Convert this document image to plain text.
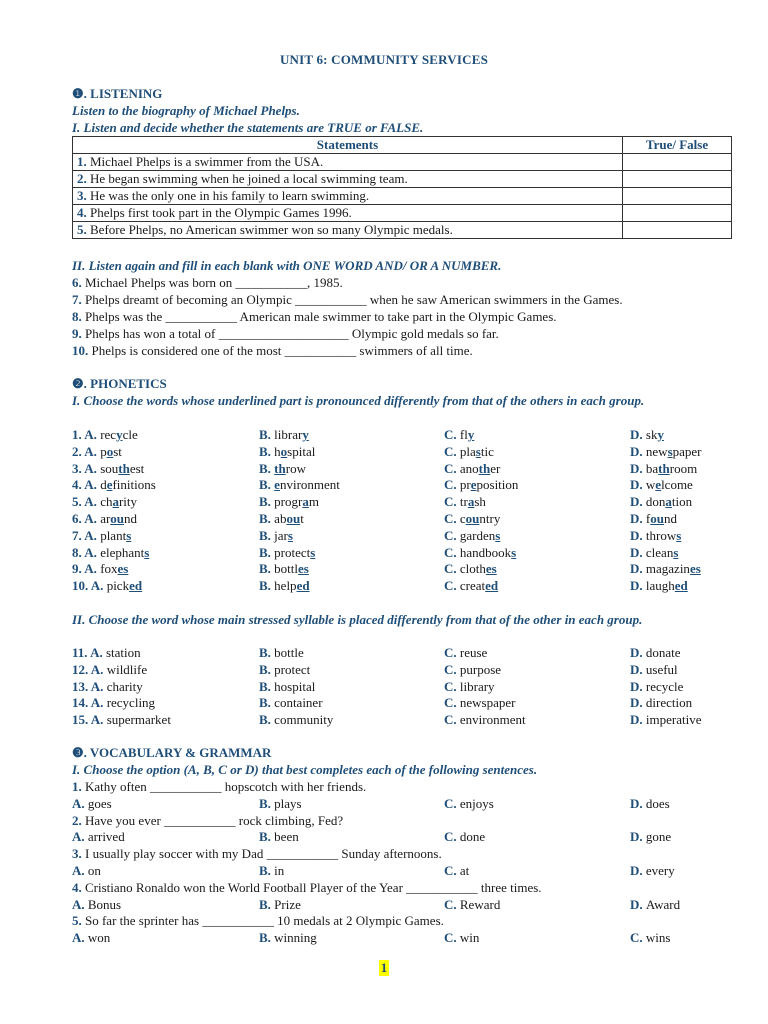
UNIT 6: COMMUNITY SERVICES
❶. LISTENING
Listen to the biography of Michael Phelps.
I. Listen and decide whether the statements are TRUE or FALSE.
Statements	True/ False
1. Michael Phelps is a swimmer from the USA.	
2. He began swimming when he joined a local swimming team.	
3. He was the only one in his family to learn swimming.	
4. Phelps first took part in the Olympic Games 1996.	
5. Before Phelps, no American swimmer won so many Olympic medals.	
II. Listen again and fill in each blank with ONE WORD AND/ OR A NUMBER.
6. Michael Phelps was born on ___________, 1985.
7. Phelps dreamt of becoming an Olympic ___________ when he saw American swimmers in the Games.
8. Phelps was the ___________ American male swimmer to take part in the Olympic Games.
9. Phelps has won a total of ____________________ Olympic gold medals so far.
10. Phelps is considered one of the most ___________ swimmers of all time.
❷. PHONETICS
I. Choose the words whose underlined part is pronounced differently from that of the others in each group.
1. A. recycle	B. library	C. fly	D. sky
2. A. post	B. hospital	C. plastic	D. newspaper
3. A. southest	B. throw	C. another	D. bathroom
4. A. definitions	B. environment	C. preposition	D. welcome
5. A. charity	B. program	C. trash	D. donation
6. A. around	B. about	C. country	D. found
7. A. plants	B. jars	C. gardens	D. throws
8. A. elephants	B. protects	C. handbooks	D. cleans
9. A. foxes	B. bottles	C. clothes	D. magazines
10. A. picked	B. helped	C. created	D. laughed
II. Choose the word whose main stressed syllable is placed differently from that of the other in each group.
11. A. station	B. bottle	C. reuse	D. donate
12. A. wildlife	B. protect	C. purpose	D. useful
13. A. charity	B. hospital	C. library	D. recycle
14. A. recycling	B. container	C. newspaper	D. direction
15. A. supermarket	B. community	C. environment	D. imperative
❸. VOCABULARY & GRAMMAR
I. Choose the option (A, B, C or D) that best completes each of the following sentences.
1. Kathy often ___________ hopscotch with her friends.
A. goes	B. plays	C. enjoys	D. does
2. Have you ever ___________ rock climbing, Fed?
A. arrived	B. been	C. done	D. gone
3. I usually play soccer with my Dad ___________ Sunday afternoons.
A. on	B. in	C. at	D. every
4. Cristiano Ronaldo won the World Football Player of the Year ___________ three times.
A. Bonus	B. Prize	C. Reward	D. Award
5. So far the sprinter has ___________ 10 medals at 2 Olympic Games.
A. won	B. winning	C. win	C. wins
1
